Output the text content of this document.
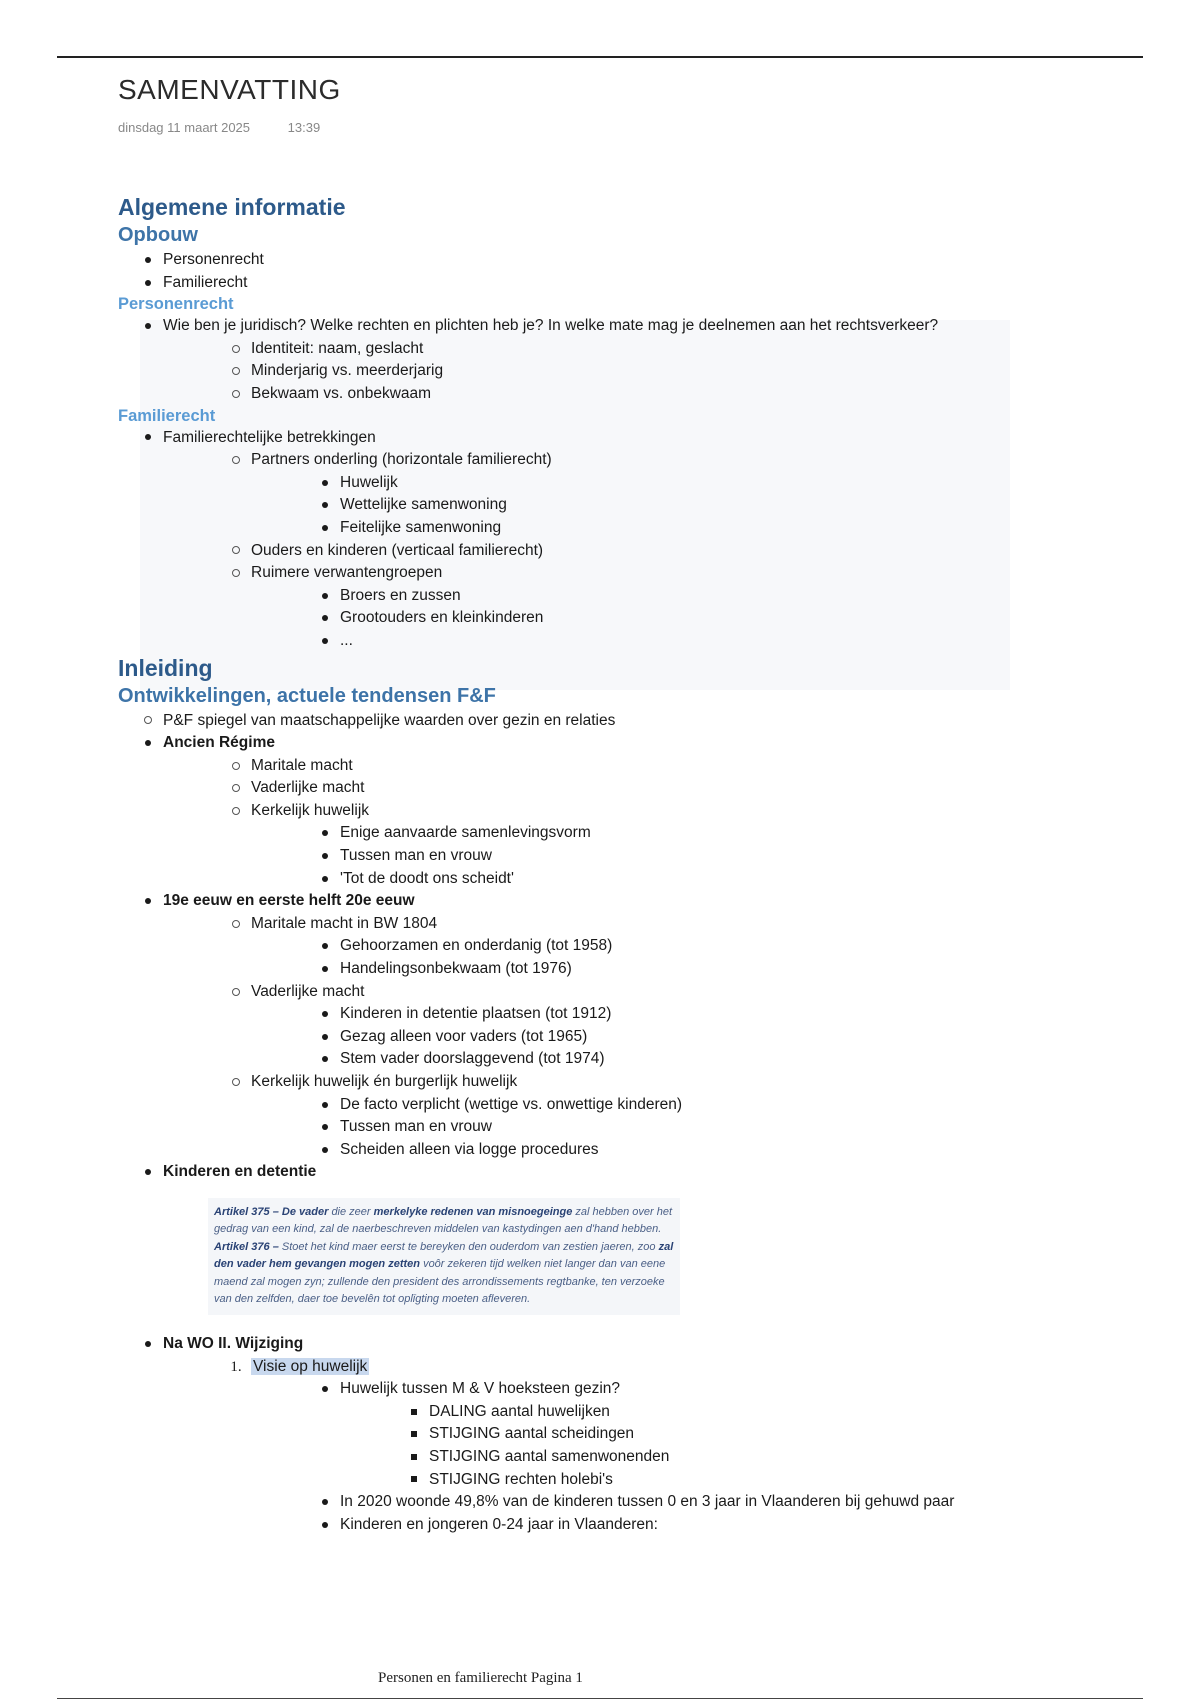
SAMENVATTING
dinsdag 11 maart 2025	13:39
Algemene informatie
Opbouw
Personenrecht
Familierecht
Personenrecht
Wie ben je juridisch? Welke rechten en plichten heb je? In welke mate mag je deelnemen aan het rechtsverkeer?
Identiteit: naam, geslacht
Minderjarig vs. meerderjarig
Bekwaam vs. onbekwaam
Familierecht
Familierechtelijke betrekkingen
Partners onderling (horizontale familierecht)
Huwelijk
Wettelijke samenwoning
Feitelijke samenwoning
Ouders en kinderen (verticaal familierecht)
Ruimere verwantengroepen
Broers en zussen
Grootouders en kleinkinderen
...
Inleiding
Ontwikkelingen, actuele tendensen F&F
P&F spiegel van maatschappelijke waarden over gezin en relaties
Ancien Régime
Maritale macht
Vaderlijke macht
Kerkelijk huwelijk
Enige aanvaarde samenlevingsvorm
Tussen man en vrouw
'Tot de doodt ons scheidt'
19e eeuw en eerste helft 20e eeuw
Maritale macht in BW 1804
Gehoorzamen en onderdanig (tot 1958)
Handelingsonbekwaam (tot 1976)
Vaderlijke macht
Kinderen in detentie plaatsen (tot 1912)
Gezag alleen voor vaders (tot 1965)
Stem vader doorslaggevend (tot 1974)
Kerkelijk huwelijk én burgerlijk huwelijk
De facto verplicht (wettige vs. onwettige kinderen)
Tussen man en vrouw
Scheiden alleen via logge procedures
Kinderen en detentie
Artikel 375 – De vader die zeer merkelyke redenen van misnoegeinge zal hebben over het gedrag van een kind, zal de naerbeschreven middelen van kastydingen aen d'hand hebben.
Artikel 376 – Stoet het kind maer eerst te bereyken den ouderdom van zestien jaeren, zoo zal den vader hem gevangen mogen zetten voôr zekeren tijd welken niet langer dan van eene maend zal mogen zyn; zullende den president des arrondissements regtbanke, ten verzoeke van den zelfden, daer toe bevelên tot oplīgting moeten afleveren.
Na WO II. Wijziging
1. Visie op huwelijk
Huwelijk tussen M & V hoeksteen gezin?
DALING aantal huwelijken
STIJGING aantal scheidingen
STIJGING aantal samenwonenden
STIJGING rechten holebi's
In 2020 woonde 49,8% van de kinderen tussen 0 en 3 jaar in Vlaanderen bij gehuwd paar
Kinderen en jongeren 0-24 jaar in Vlaanderen:
Personen en familierecht Pagina 1
